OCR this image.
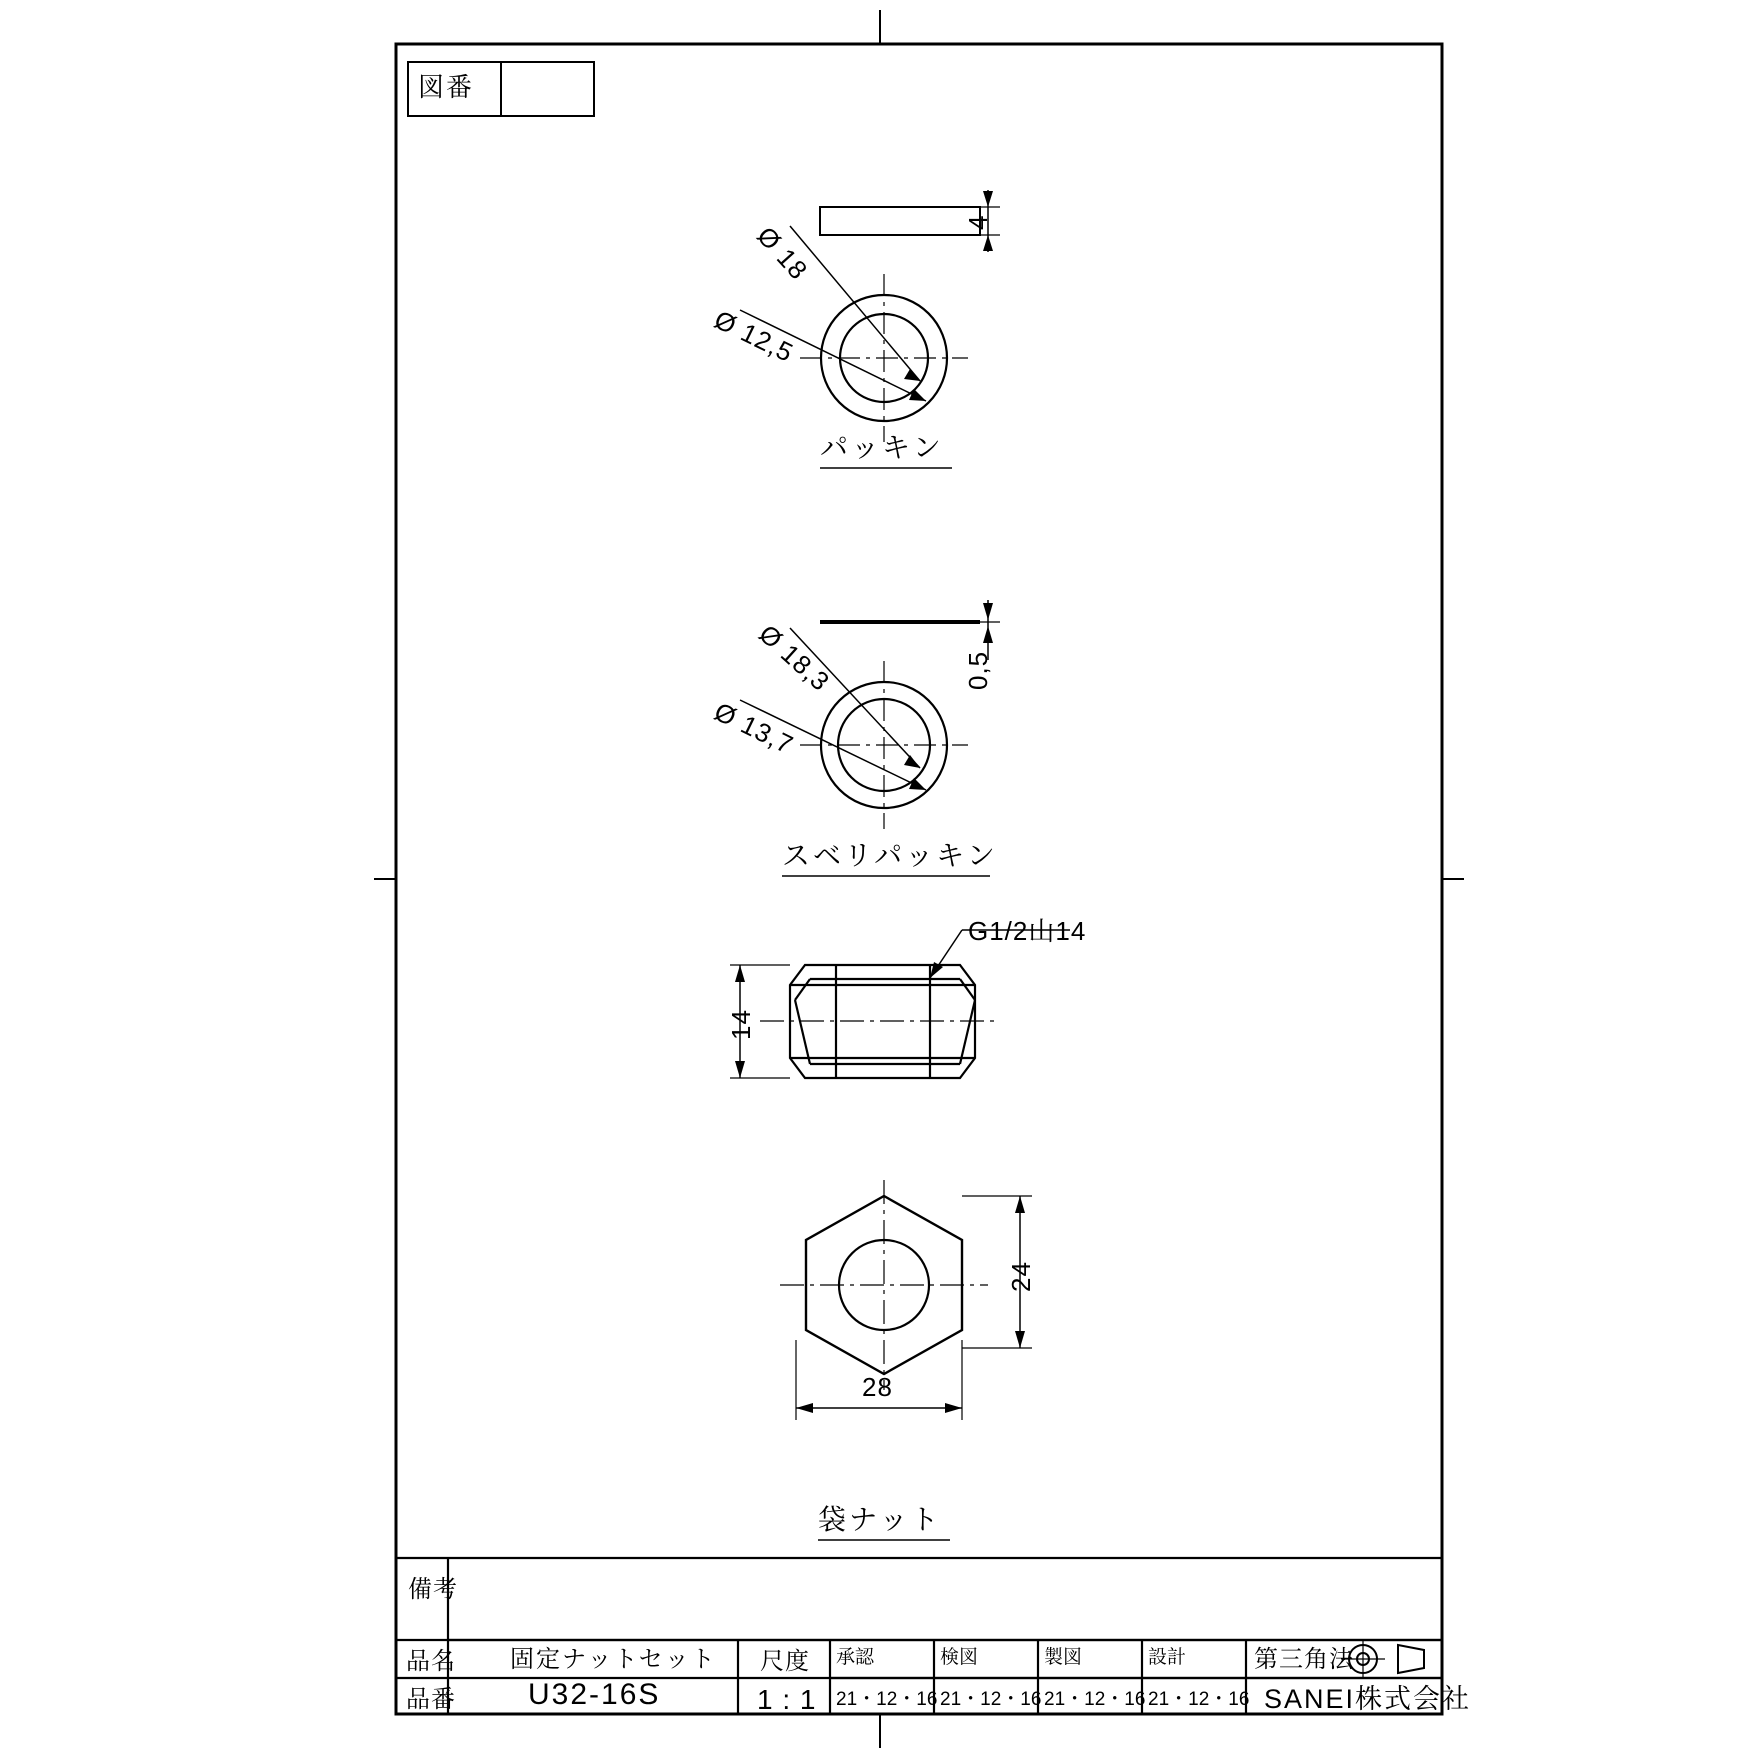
図番
Ø 18
Ø 12,5
4
パッキン
Ø 18,3
Ø 13,7
0,5
スベリパッキン
G1/2山14
14
24
28
袋ナット
備考
品名 固定ナットセット
品番 U32-16S
尺度
1 : 1
承認
21・12・16
検図
21・12・16
製図
21・12・16
設計
21・12・16
第三角法
SANEI株式会社
